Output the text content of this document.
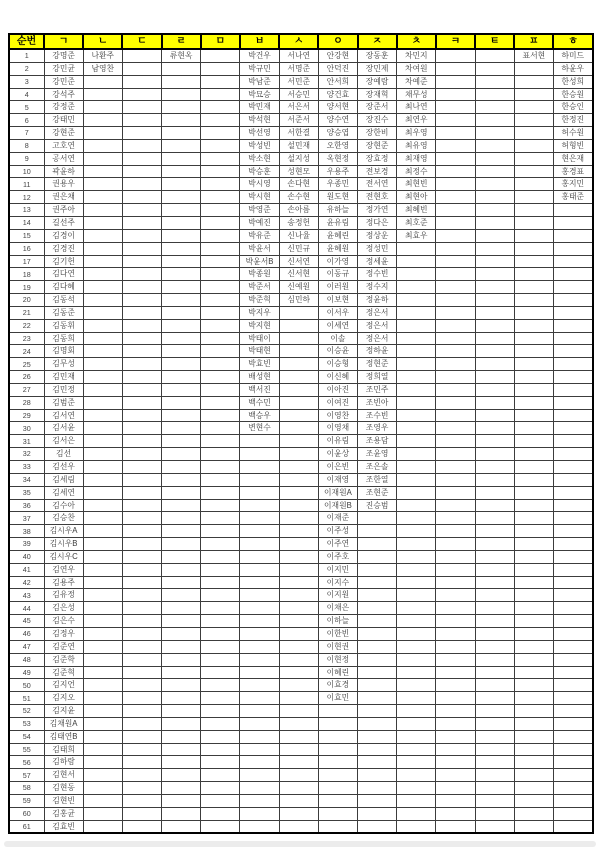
순번	ㄱ	ㄴ	ㄷ	ㄹ	ㅁ	ㅂ	ㅅ	ㅇ	ㅈ	ㅊ	ㅋ	ㅌ	ㅍ	ㅎ
1	강명준	나환주		류현옥		박건우	서나연	안강현	장동훈	차민지			표서현	하미드
2	강민균	남영찬				박규민	서명준	안덕진	장민제	차여원				하윤우
3	강민준					박남준	서민준	안서희	장예람	차예준				한성희
4	강석주					박묘승	서승민	양건효	장재혁	채무성				한승원
5	강정준					박민재	서은서	양서현	장준서	최나연				한승인
6	강태민					박석현	서준서	양수연	장진수	최연우				한정진
7	강현준					박선영	서한결	양승엽	장한비	최우영				허수원
8	고호연					박성빈	설민재	오한영	장현준	최유영				허형빈
9	공서연					박소현	설지성	옥현정	장효정	최재영				현은재
10	곽윤하					박승훈	성현모	우용주	전보경	최정수				홍경표
11	권용우					박시영	손다현	우종민	전서연	최현빈				홍지민
12	권은채					박시현	손수현	원도현	전현호	최현아				홍태준
13	권주아					박영준	손아름	유하늘	정가연	최혜빈				
14	길선주					박예진	송정헌	윤유림	정다은	최호준				
15	김경이					박유준	신나율	윤혜린	정상운	최효우				
16	김경진					박윤서	신민규	윤혜원	정성민					
17	김기헌					박윤서B	신서연	이가영	정세윤					
18	김다연					박종원	신서현	이동규	정수빈					
19	김다혜					박준서	신예원	이러원	정수지					
20	김동석					박준혁	심민하	이보현	정윤하					
21	김동준					박지우		이서우	정은서					
22	김동휘					박지현		이세연	정은서					
23	김동희					박태이		이솔	정은서					
24	김명회					박태현		이승윤	정하윤					
25	김무성					박효빈		이승형	정현준					
26	김민재					배성현		이신혜	정희열					
27	김민정					백서진		이아진	조민주					
28	김범준					백수민		이여진	조빈아					
29	김서연					백승우		이영찬	조수빈					
30	김서윤					변현수		이영채	조영우					
31	김서은							이유림	조용담					
32	김선							이윤상	조윤영					
33	김선우							이은빈	조은솔					
34	김세림							이재영	조한열					
35	김세연							이재원A	조현준					
36	김수아							이재원B	진승범					
37	김승찬							이재준						
38	김시우A							이주성						
39	김시우B							이주연						
40	김시우C							이주호						
41	김연우							이지민						
42	김용주							이지수						
43	김유정							이지원						
44	김은성							이채은						
45	김은수							이하늘						
46	김정우							이한빈						
47	김준연							이현권						
48	김준학							이현정						
49	김준혁							이혜린						
50	김지언							이효경						
51	김지오							이효민						
52	김지윤													
53	김채원A													
54	김태연B													
55	김태희													
56	김하람													
57	김현서													
58	김현동													
59	김현빈													
60	김홍균													
61	김효빈													
